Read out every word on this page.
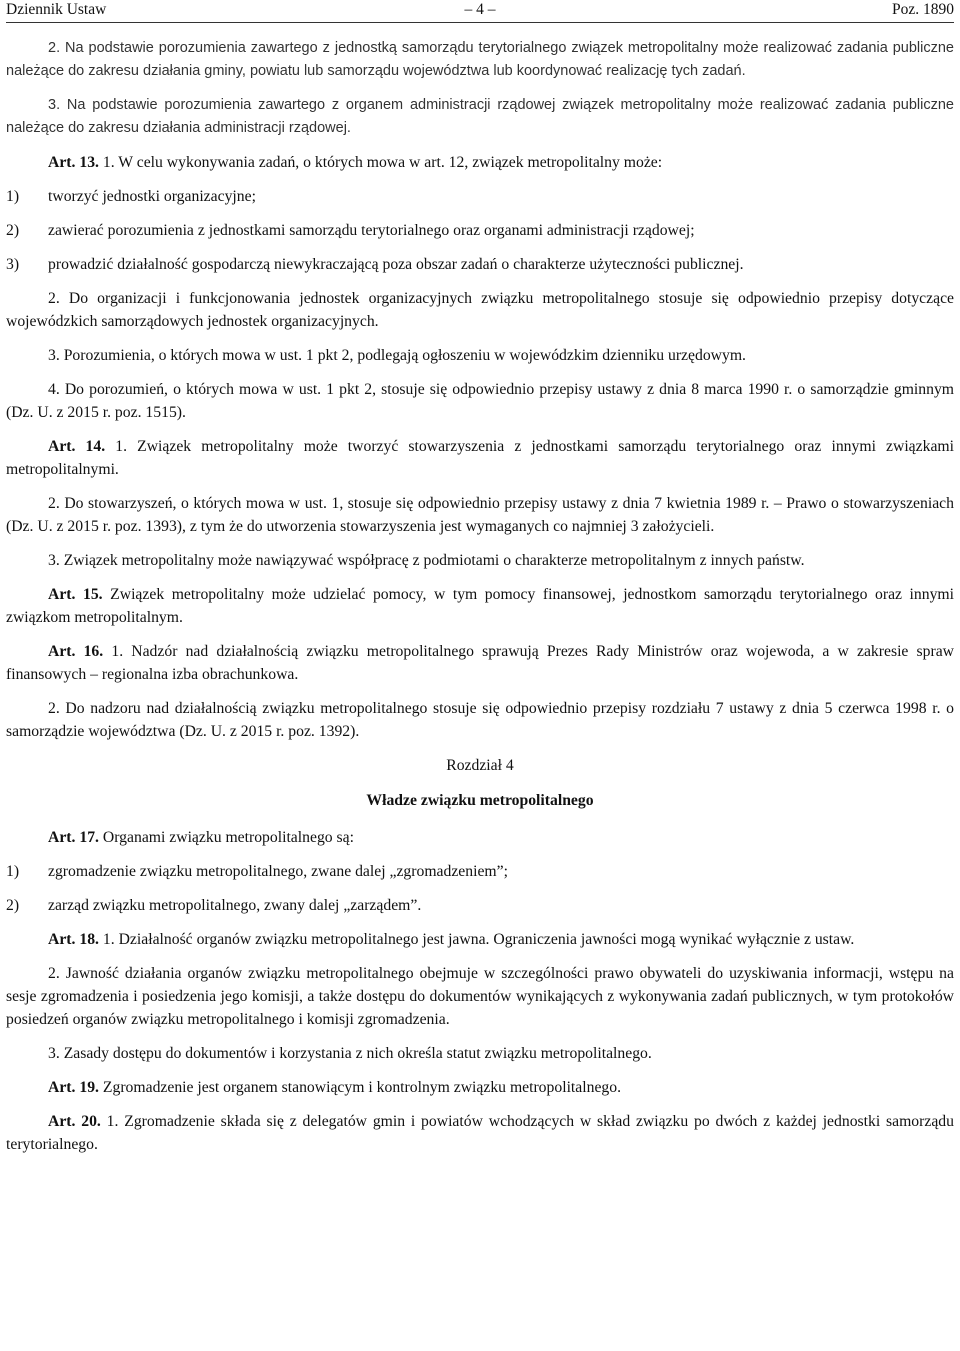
Dziennik Ustaw	– 4 –	Poz. 1890

2. Na podstawie porozumienia zawartego z jednostką samorządu terytorialnego związek metropolitalny może realizować zadania publiczne należące do zakresu działania gminy, powiatu lub samorządu województwa lub koordynować realizację tych zadań.

3. Na podstawie porozumienia zawartego z organem administracji rządowej związek metropolitalny może realizować zadania publiczne należące do zakresu działania administracji rządowej.

Art. 13. 1. W celu wykonywania zadań, o których mowa w art. 12, związek metropolitalny może:

1)	tworzyć jednostki organizacyjne;
2)	zawierać porozumienia z jednostkami samorządu terytorialnego oraz organami administracji rządowej;
3)	prowadzić działalność gospodarczą niewykraczającą poza obszar zadań o charakterze użyteczności publicznej.

2. Do organizacji i funkcjonowania jednostek organizacyjnych związku metropolitalnego stosuje się odpowiednio przepisy dotyczące wojewódzkich samorządowych jednostek organizacyjnych.

3. Porozumienia, o których mowa w ust. 1 pkt 2, podlegają ogłoszeniu w wojewódzkim dzienniku urzędowym.

4. Do porozumień, o których mowa w ust. 1 pkt 2, stosuje się odpowiednio przepisy ustawy z dnia 8 marca 1990 r. o samorządzie gminnym (Dz. U. z 2015 r. poz. 1515).

Art. 14. 1. Związek metropolitalny może tworzyć stowarzyszenia z jednostkami samorządu terytorialnego oraz innymi związkami metropolitalnymi.

2. Do stowarzyszeń, o których mowa w ust. 1, stosuje się odpowiednio przepisy ustawy z dnia 7 kwietnia 1989 r. – Prawo o stowarzyszeniach (Dz. U. z 2015 r. poz. 1393), z tym że do utworzenia stowarzyszenia jest wymaganych co najmniej 3 założycieli.

3. Związek metropolitalny może nawiązywać współpracę z podmiotami o charakterze metropolitalnym z innych państw.

Art. 15. Związek metropolitalny może udzielać pomocy, w tym pomocy finansowej, jednostkom samorządu terytorialnego oraz innymi związkom metropolitalnym.

Art. 16. 1. Nadzór nad działalnością związku metropolitalnego sprawują Prezes Rady Ministrów oraz wojewoda, a w zakresie spraw finansowych – regionalna izba obrachunkowa.

2. Do nadzoru nad działalnością związku metropolitalnego stosuje się odpowiednio przepisy rozdziału 7 ustawy z dnia 5 czerwca 1998 r. o samorządzie województwa (Dz. U. z 2015 r. poz. 1392).

Rozdział 4
Władze związku metropolitalnego

Art. 17. Organami związku metropolitalnego są:

1)	zgromadzenie związku metropolitalnego, zwane dalej „zgromadzeniem”;
2)	zarząd związku metropolitalnego, zwany dalej „zarządem”.

Art. 18. 1. Działalność organów związku metropolitalnego jest jawna. Ograniczenia jawności mogą wynikać wyłącznie z ustaw.

2. Jawność działania organów związku metropolitalnego obejmuje w szczególności prawo obywateli do uzyskiwania informacji, wstępu na sesje zgromadzenia i posiedzenia jego komisji, a także dostępu do dokumentów wynikających z wykonywania zadań publicznych, w tym protokołów posiedzeń organów związku metropolitalnego i komisji zgromadzenia.

3. Zasady dostępu do dokumentów i korzystania z nich określa statut związku metropolitalnego.

Art. 19. Zgromadzenie jest organem stanowiącym i kontrolnym związku metropolitalnego.

Art. 20. 1. Zgromadzenie składa się z delegatów gmin i powiatów wchodzących w skład związku po dwóch z każdej jednostki samorządu terytorialnego.
